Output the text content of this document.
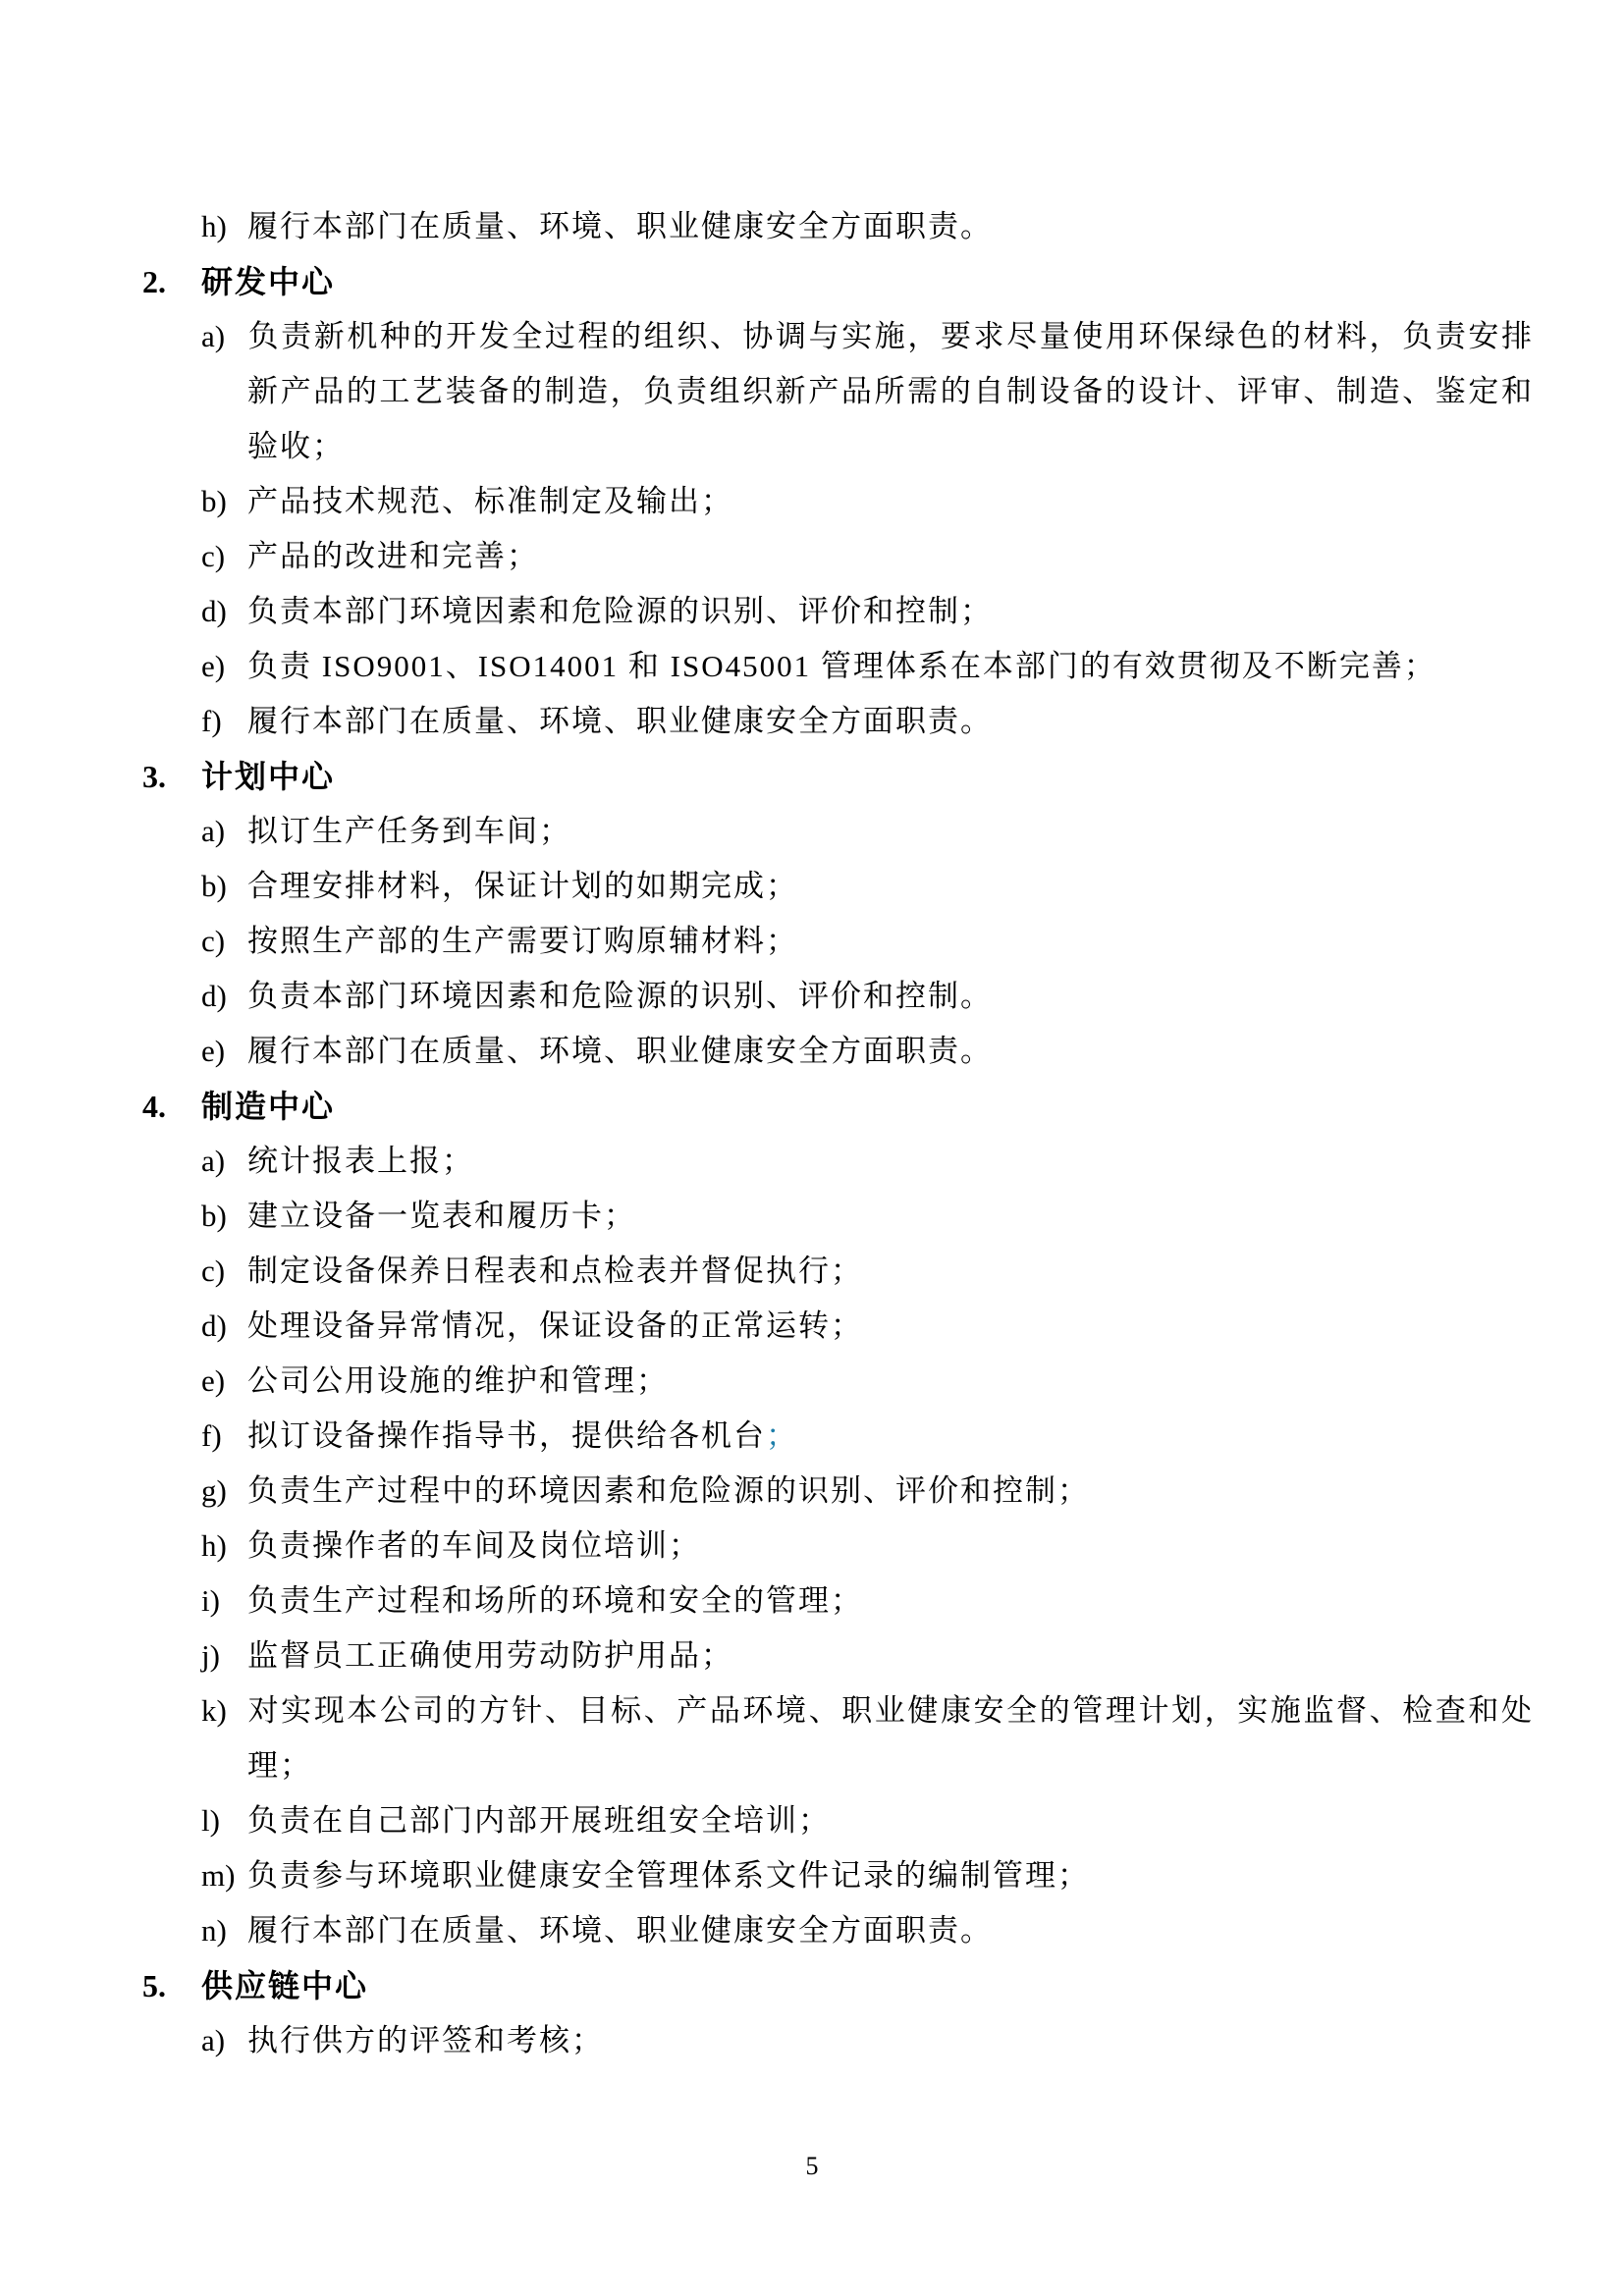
h) 履行本部门在质量、环境、职业健康安全方面职责。
2. 研发中心
a) 负责新机种的开发全过程的组织、协调与实施，要求尽量使用环保绿色的材料，负责安排新产品的工艺装备的制造，负责组织新产品所需的自制设备的设计、评审、制造、鉴定和验收；
b) 产品技术规范、标准制定及输出；
c) 产品的改进和完善；
d) 负责本部门环境因素和危险源的识别、评价和控制；
e) 负责 ISO9001、ISO14001 和 ISO45001 管理体系在本部门的有效贯彻及不断完善；
f) 履行本部门在质量、环境、职业健康安全方面职责。
3. 计划中心
a) 拟订生产任务到车间；
b) 合理安排材料，保证计划的如期完成；
c) 按照生产部的生产需要订购原辅材料；
d) 负责本部门环境因素和危险源的识别、评价和控制。
e) 履行本部门在质量、环境、职业健康安全方面职责。
4. 制造中心
a) 统计报表上报；
b) 建立设备一览表和履历卡；
c) 制定设备保养日程表和点检表并督促执行；
d) 处理设备异常情况，保证设备的正常运转；
e) 公司公用设施的维护和管理；
f) 拟订设备操作指导书，提供给各机台；
g) 负责生产过程中的环境因素和危险源的识别、评价和控制；
h) 负责操作者的车间及岗位培训；
i) 负责生产过程和场所的环境和安全的管理；
j) 监督员工正确使用劳动防护用品；
k) 对实现本公司的方针、目标、产品环境、职业健康安全的管理计划，实施监督、检查和处理；
l) 负责在自己部门内部开展班组安全培训；
m) 负责参与环境职业健康安全管理体系文件记录的编制管理；
n) 履行本部门在质量、环境、职业健康安全方面职责。
5. 供应链中心
a) 执行供方的评签和考核；
5
